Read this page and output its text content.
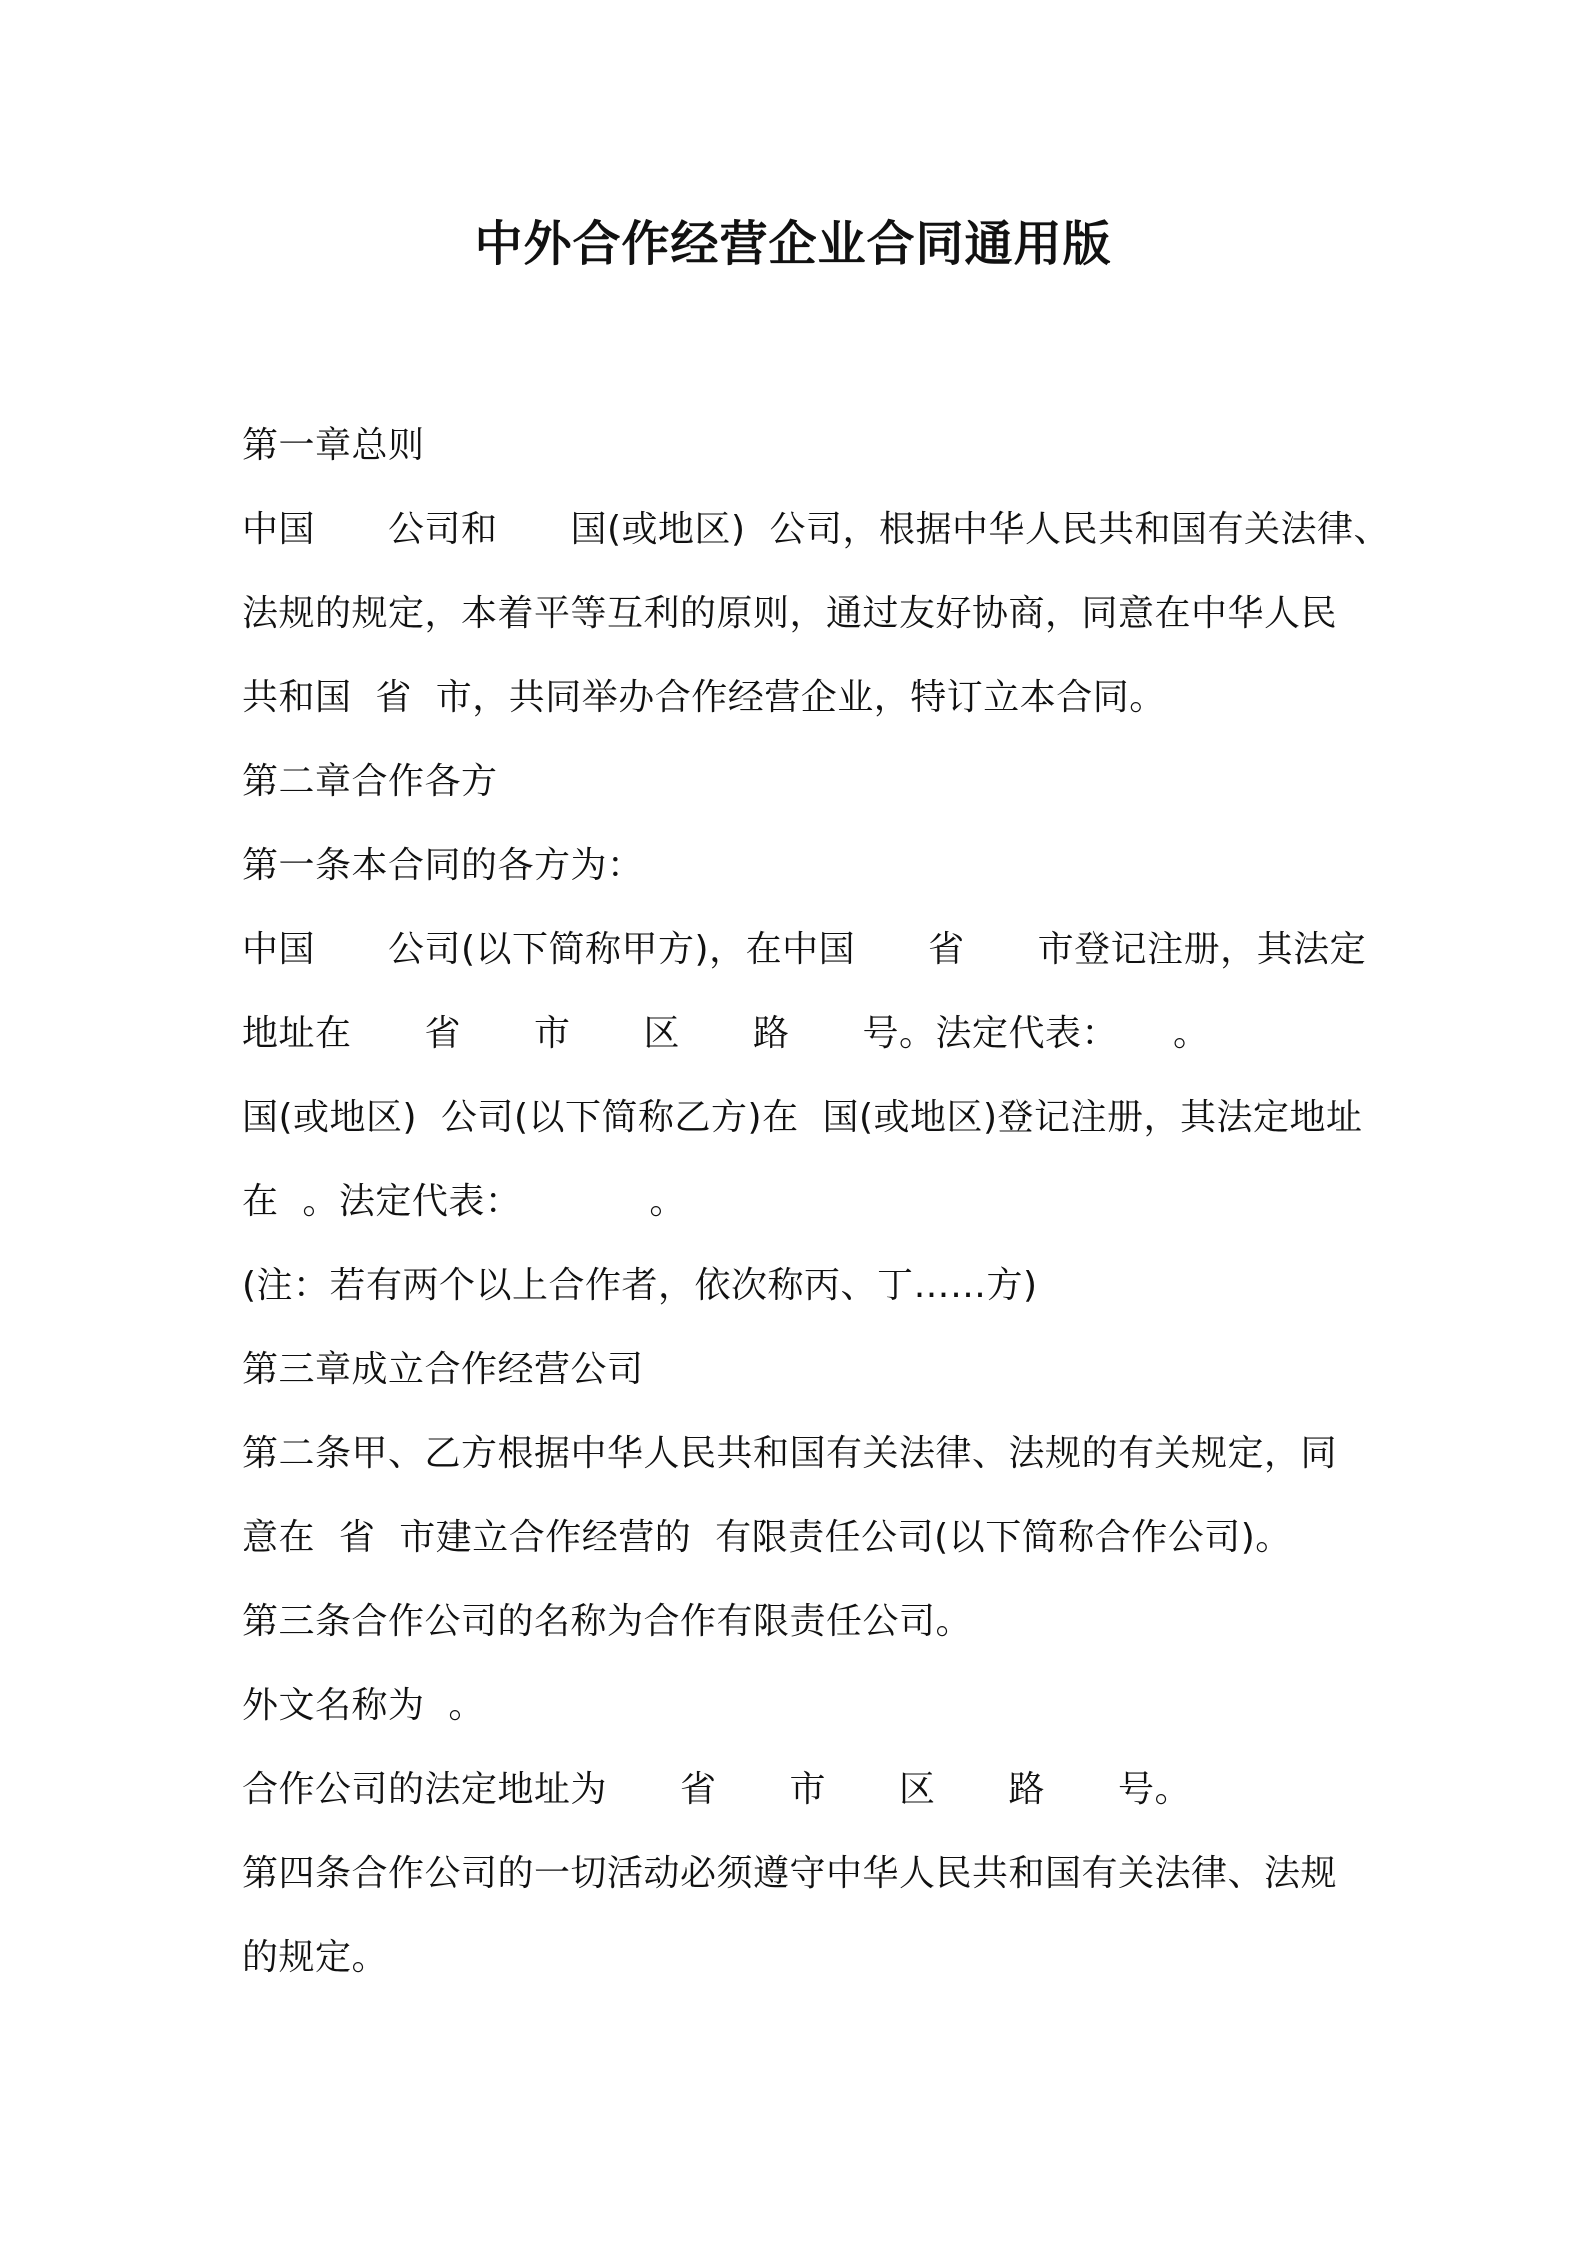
中外合作经营企业合同通用版
第一章总则
中国　　公司和　　国(或地区)  公司，根据中华人民共和国有关法律、
法规的规定，本着平等互利的原则，通过友好协商，同意在中华人民
共和国  省  市，共同举办合作经营企业，特订立本合同。
第二章合作各方
第一条本合同的各方为：
中国　　公司(以下简称甲方)，在中国　　省　　市登记注册，其法定
地址在　　省　　市　　区　　路　　号。法定代表：　　。
国(或地区)  公司(以下简称乙方)在  国(或地区)登记注册，其法定地址
在  。法定代表：　　　　。
(注：若有两个以上合作者，依次称丙、丁……方)
第三章成立合作经营公司
第二条甲、乙方根据中华人民共和国有关法律、法规的有关规定，同
意在  省  市建立合作经营的  有限责任公司(以下简称合作公司)。
第三条合作公司的名称为合作有限责任公司。
外文名称为  。
合作公司的法定地址为　　省　　市　　区　　路　　号。
第四条合作公司的一切活动必须遵守中华人民共和国有关法律、法规
的规定。
